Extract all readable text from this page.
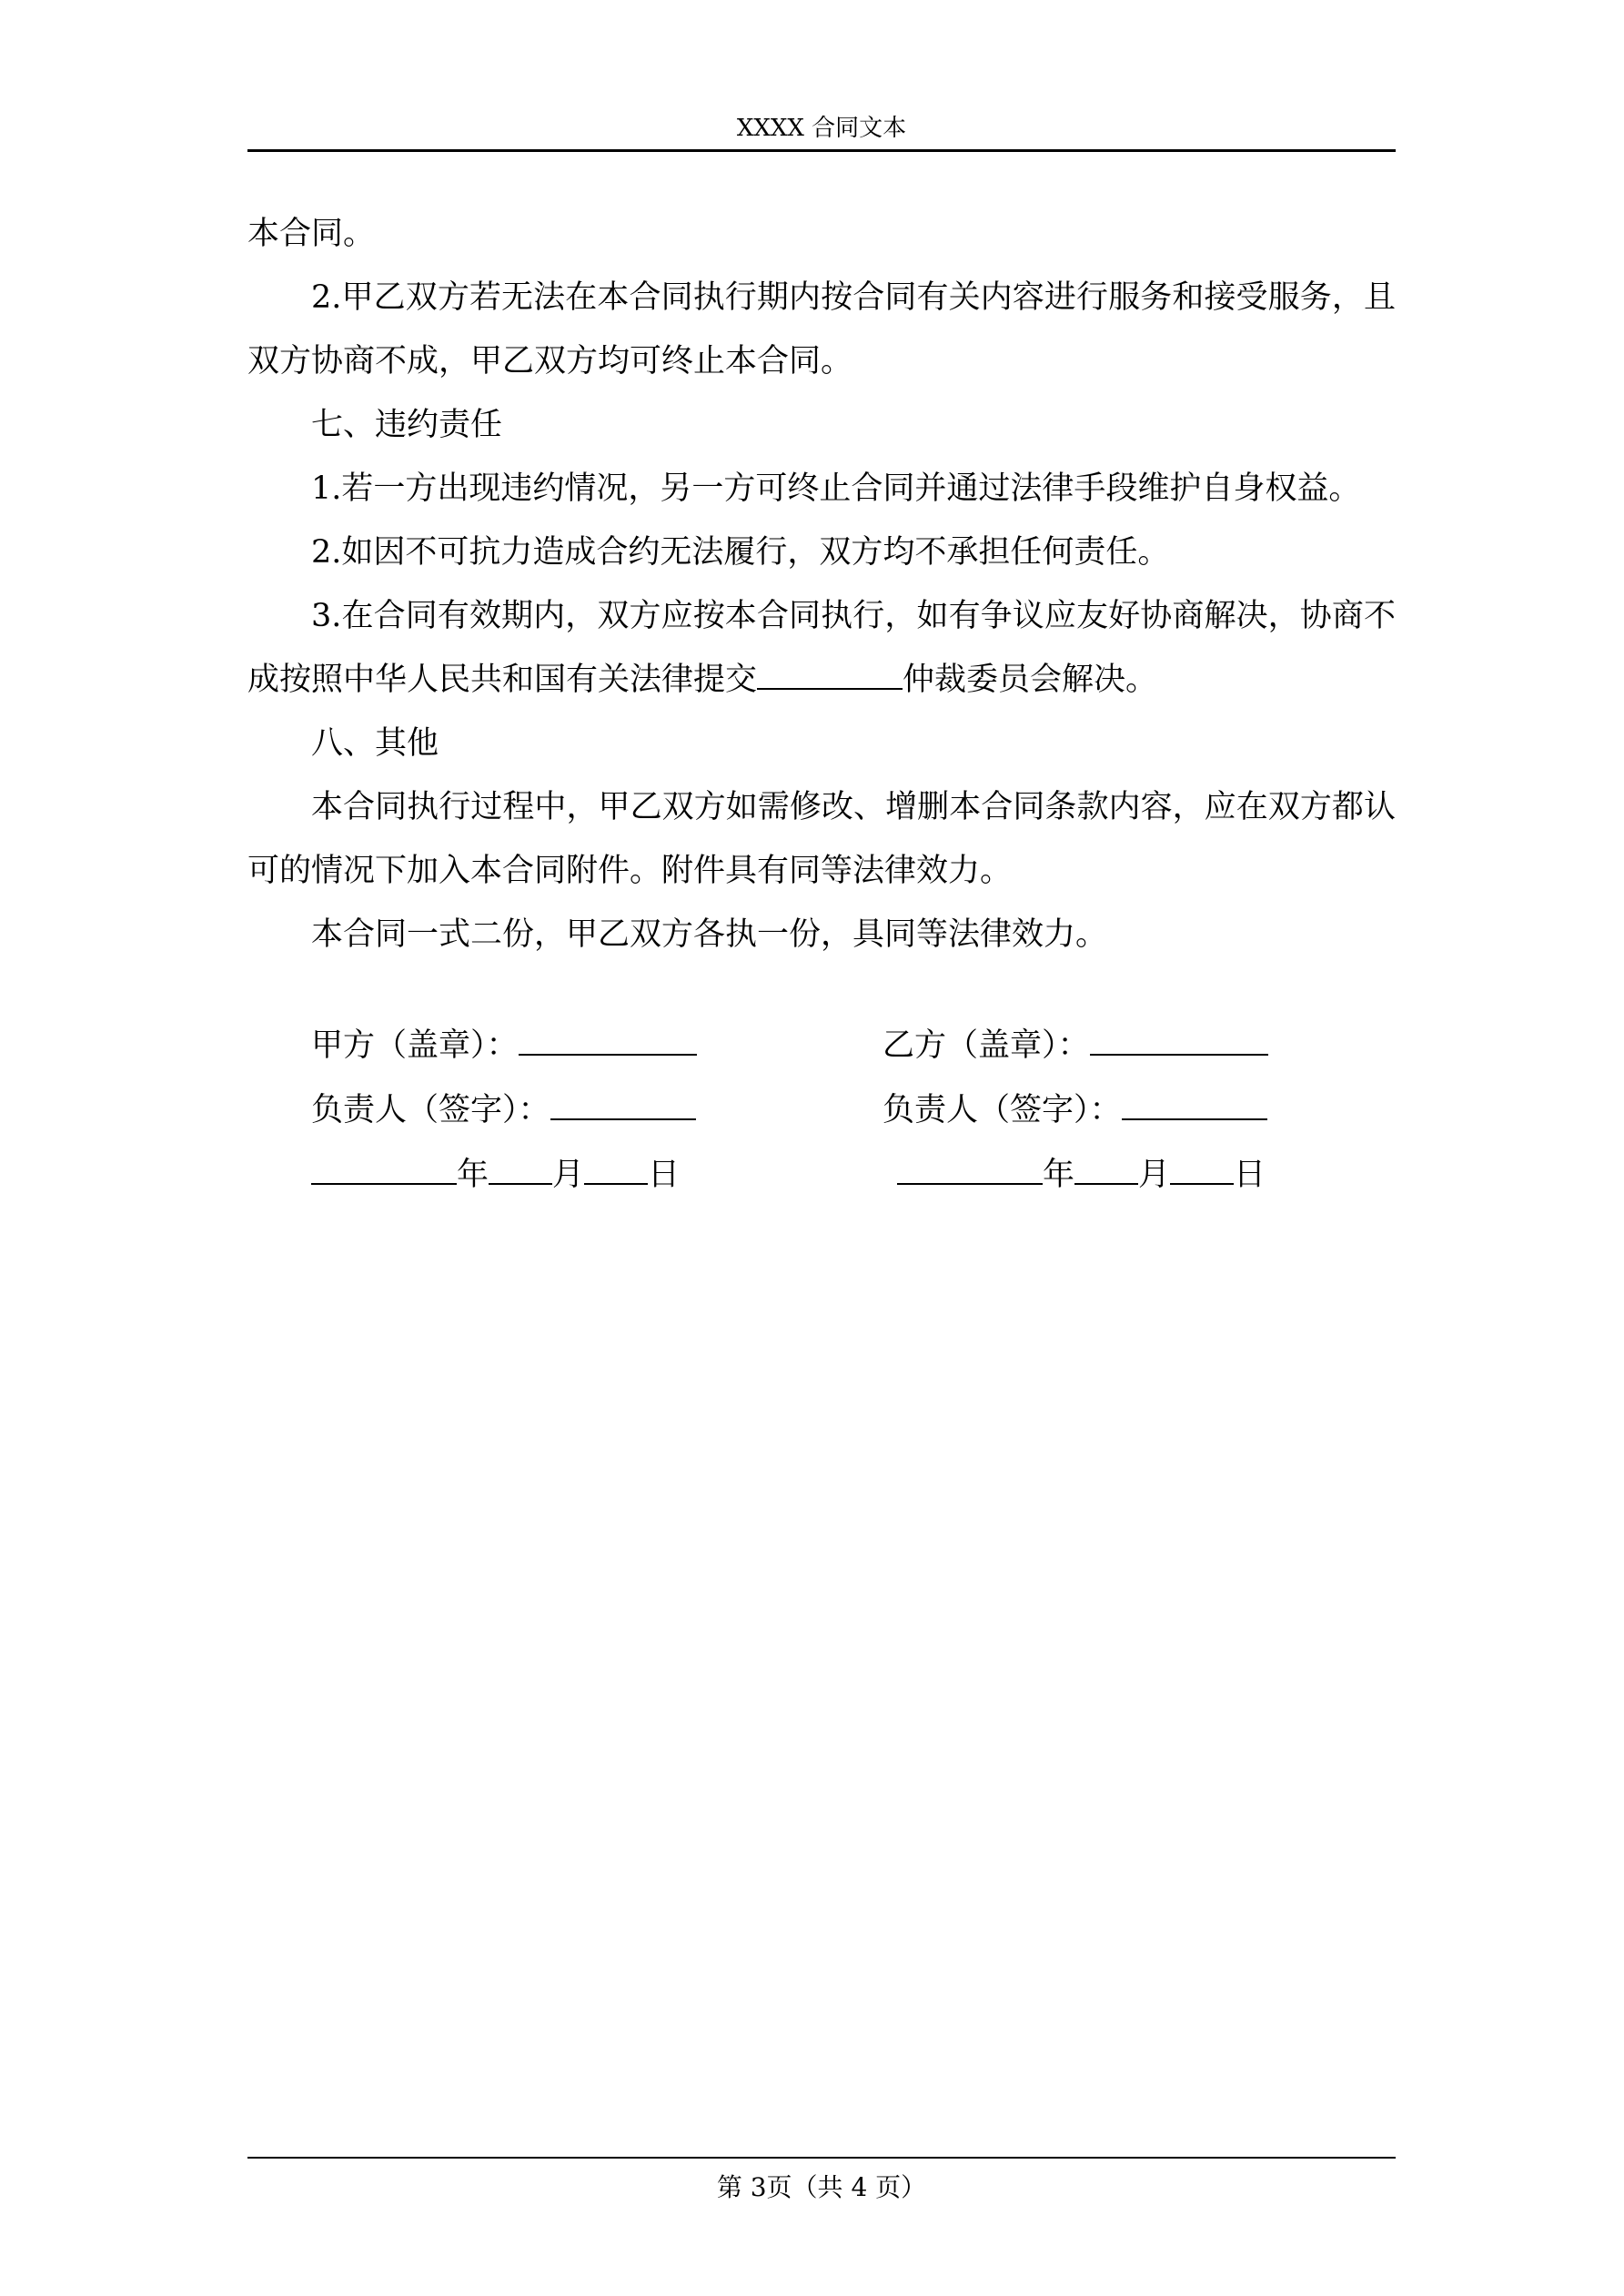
XXXX 合同文本

本合同。

2.甲乙双方若无法在本合同执行期内按合同有关内容进行服务和接受服务，且双方协商不成，甲乙双方均可终止本合同。

七、违约责任

1.若一方出现违约情况，另一方可终止合同并通过法律手段维护自身权益。

2.如因不可抗力造成合约无法履行，双方均不承担任何责任。

3.在合同有效期内，双方应按本合同执行，如有争议应友好协商解决，协商不成按照中华人民共和国有关法律提交	仲裁委员会解决。

八、其他

本合同执行过程中，甲乙双方如需修改、增删本合同条款内容，应在双方都认可的情况下加入本合同附件。附件具有同等法律效力。

本合同一式二份，甲乙双方各执一份，具同等法律效力。

甲方（盖章）：	乙方（盖章）：
负责人（签字）：	负责人（签字）：
年 月 日	年 月 日
第 3页（共 4 页）
